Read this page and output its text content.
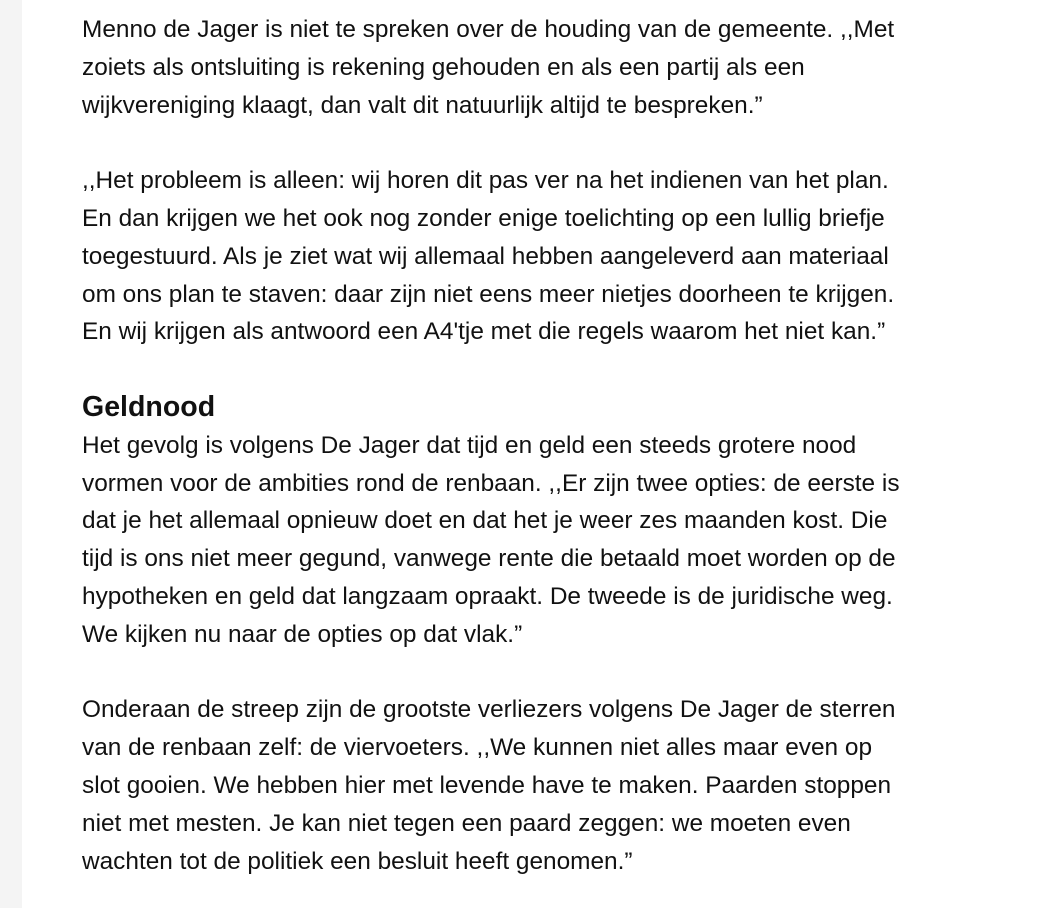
Menno de Jager is niet te spreken over de houding van de gemeente. ,,Met
zoiets als ontsluiting is rekening gehouden en als een partij als een
wijkvereniging klaagt, dan valt dit natuurlijk altijd te bespreken.”

,,Het probleem is alleen: wij horen dit pas ver na het indienen van het plan.
En dan krijgen we het ook nog zonder enige toelichting op een lullig briefje
toegestuurd. Als je ziet wat wij allemaal hebben aangeleverd aan materiaal
om ons plan te staven: daar zijn niet eens meer nietjes doorheen te krijgen.
En wij krijgen als antwoord een A4'tje met die regels waarom het niet kan.”

Geldnood

Het gevolg is volgens De Jager dat tijd en geld een steeds grotere nood
vormen voor de ambities rond de renbaan. ,,Er zijn twee opties: de eerste is
dat je het allemaal opnieuw doet en dat het je weer zes maanden kost. Die
tijd is ons niet meer gegund, vanwege rente die betaald moet worden op de
hypotheken en geld dat langzaam opraakt. De tweede is de juridische weg.
We kijken nu naar de opties op dat vlak.”

Onderaan de streep zijn de grootste verliezers volgens De Jager de sterren
van de renbaan zelf: de viervoeters. ,,We kunnen niet alles maar even op
slot gooien. We hebben hier met levende have te maken. Paarden stoppen
niet met mesten. Je kan niet tegen een paard zeggen: we moeten even
wachten tot de politiek een besluit heeft genomen.”
